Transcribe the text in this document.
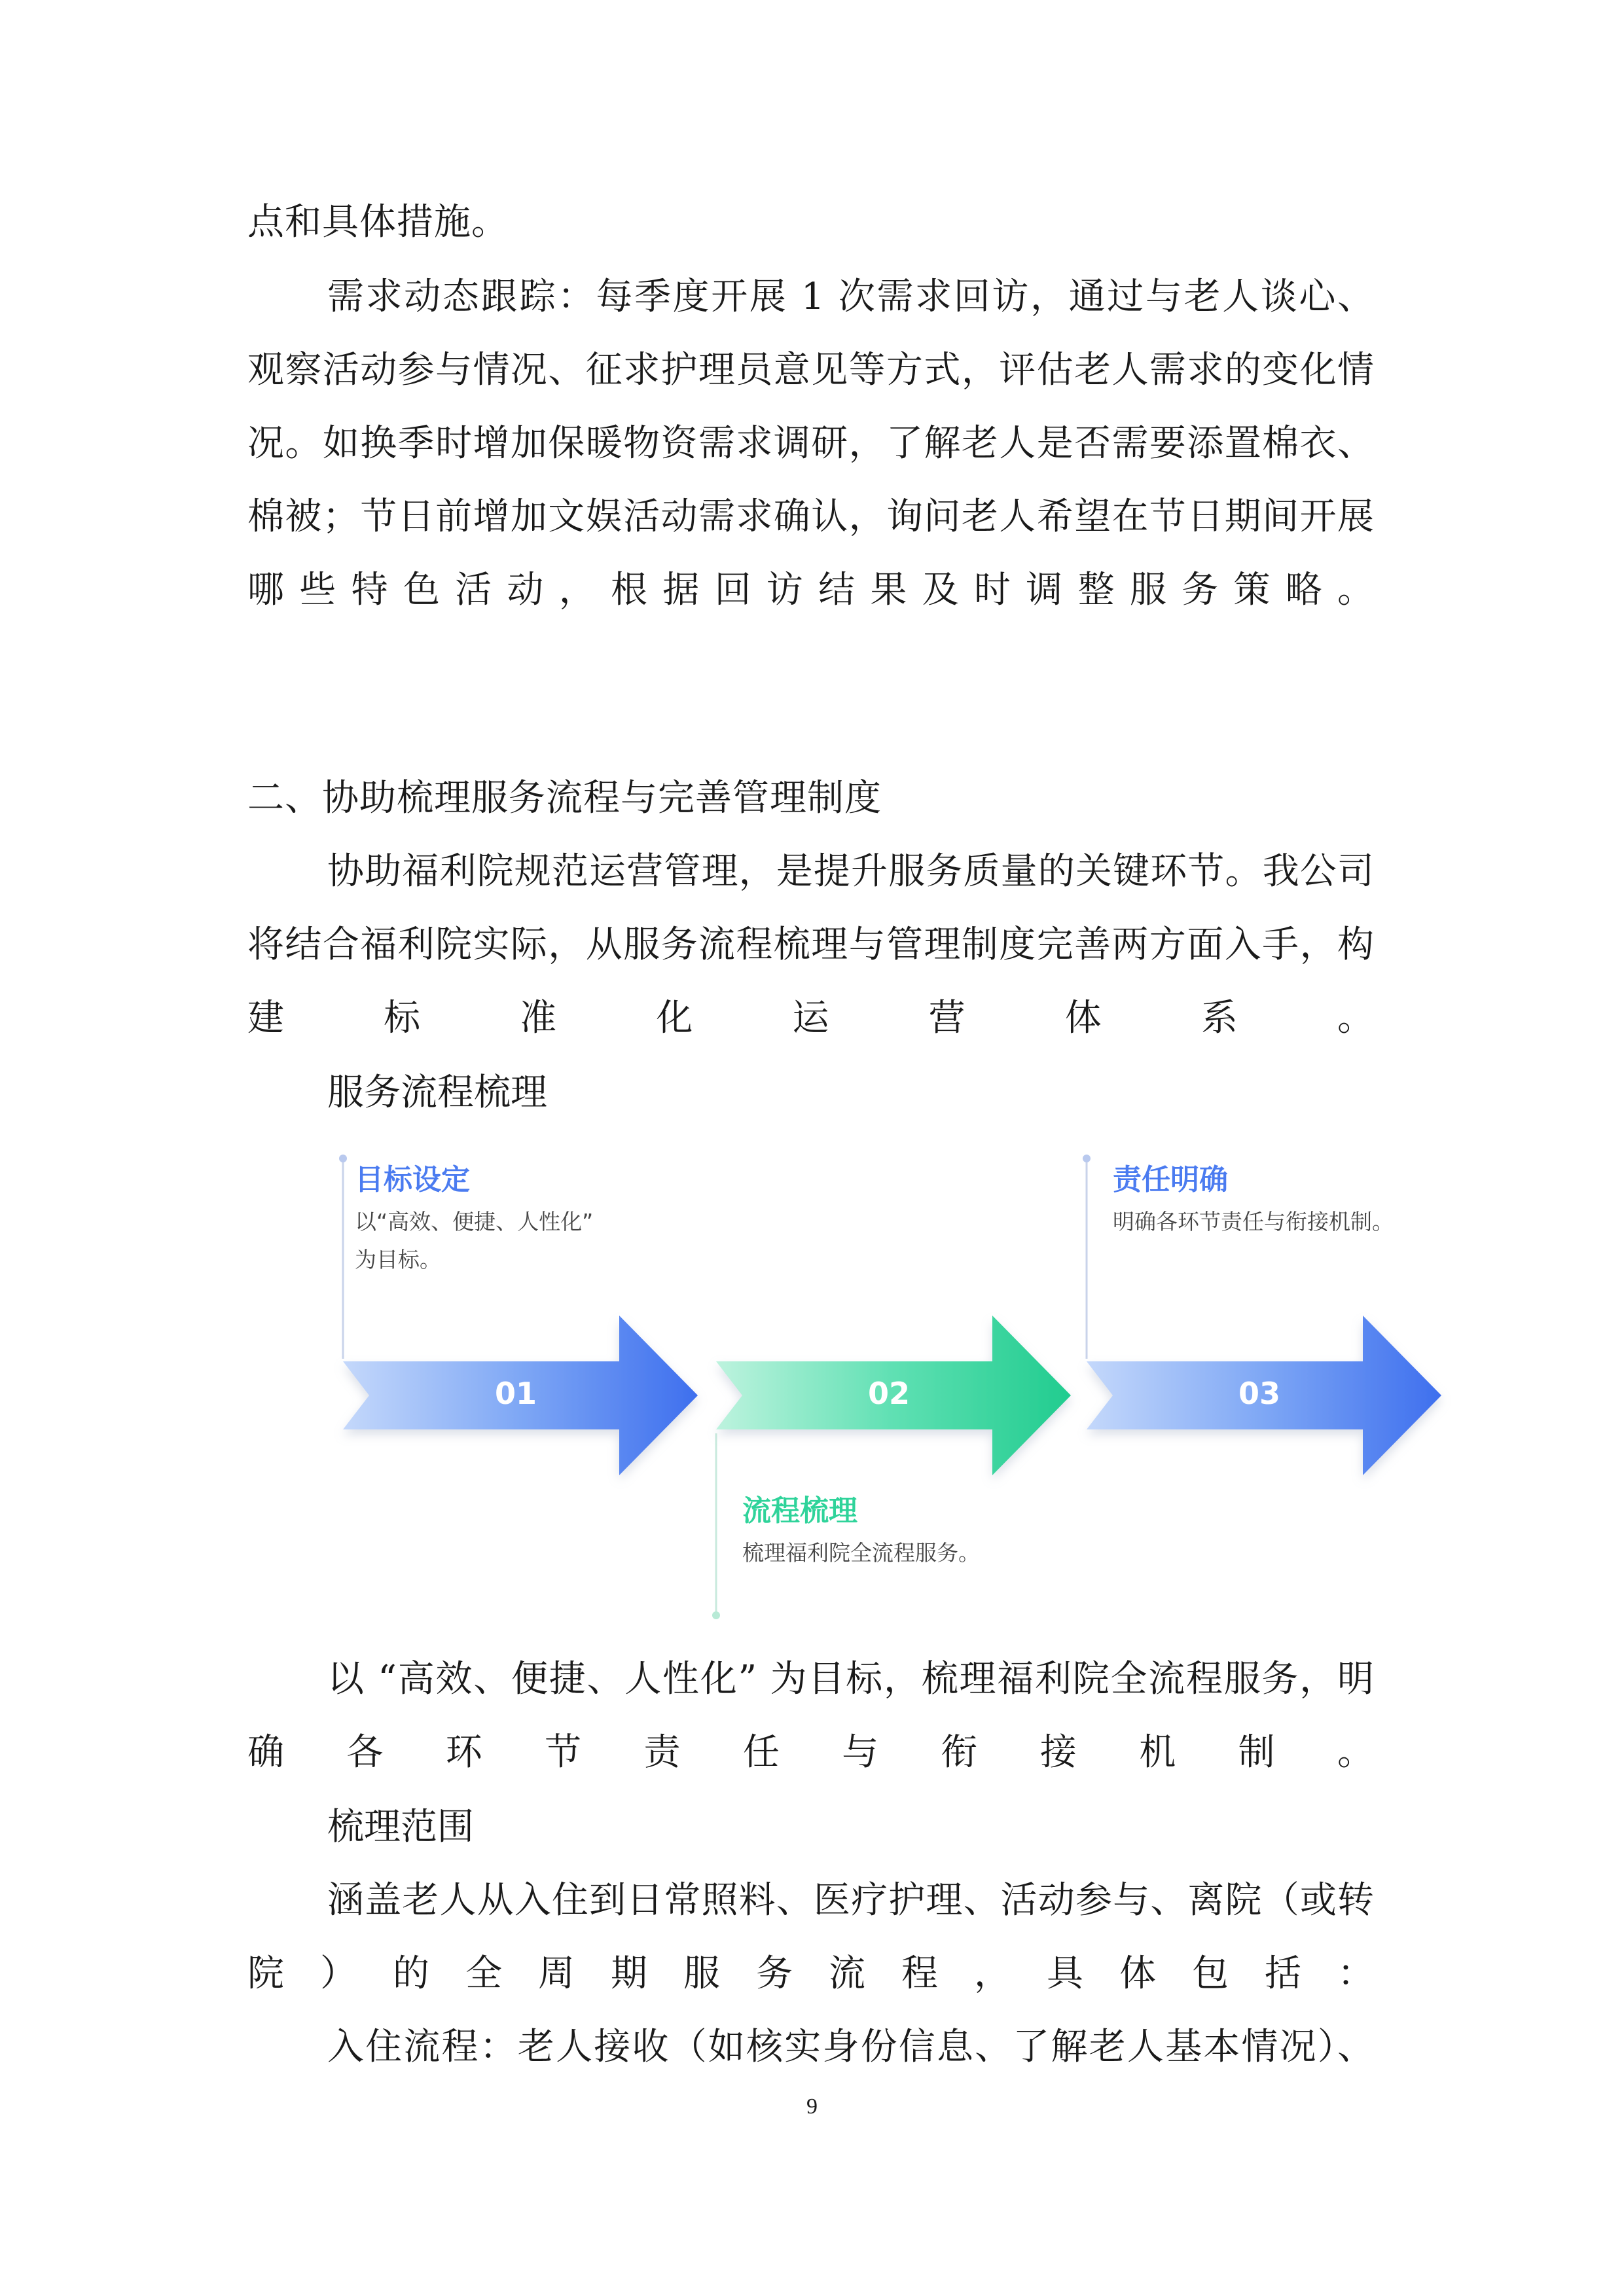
点和具体措施。

需求动态跟踪：每季度开展 1 次需求回访，通过与老人谈心、观察活动参与情况、征求护理员意见等方式，评估老人需求的变化情况。如换季时增加保暖物资需求调研，了解老人是否需要添置棉衣、棉被；节日前增加文娱活动需求确认，询问老人希望在节日期间开展哪些特色活动，根据回访结果及时调整服务策略。

二、协助梳理服务流程与完善管理制度

协助福利院规范运营管理，是提升服务质量的关键环节。我公司将结合福利院实际，从服务流程梳理与管理制度完善两方面入手，构建标准化运营体系。

服务流程梳理

目标设定

以“高效、便捷、人性化”

为目标。

流程梳理

梳理福利院全流程服务。

责任明确

明确各环节责任与衔接机制。

01	02	03

以 “高效、便捷、人性化” 为目标，梳理福利院全流程服务，明确各环节责任与衔接机制。

梳理范围

涵盖老人从入住到日常照料、医疗护理、活动参与、离院（或转院）的全周期服务流程，具体包括：

入住流程：老人接收（如核实身份信息、了解老人基本情况）、

9
